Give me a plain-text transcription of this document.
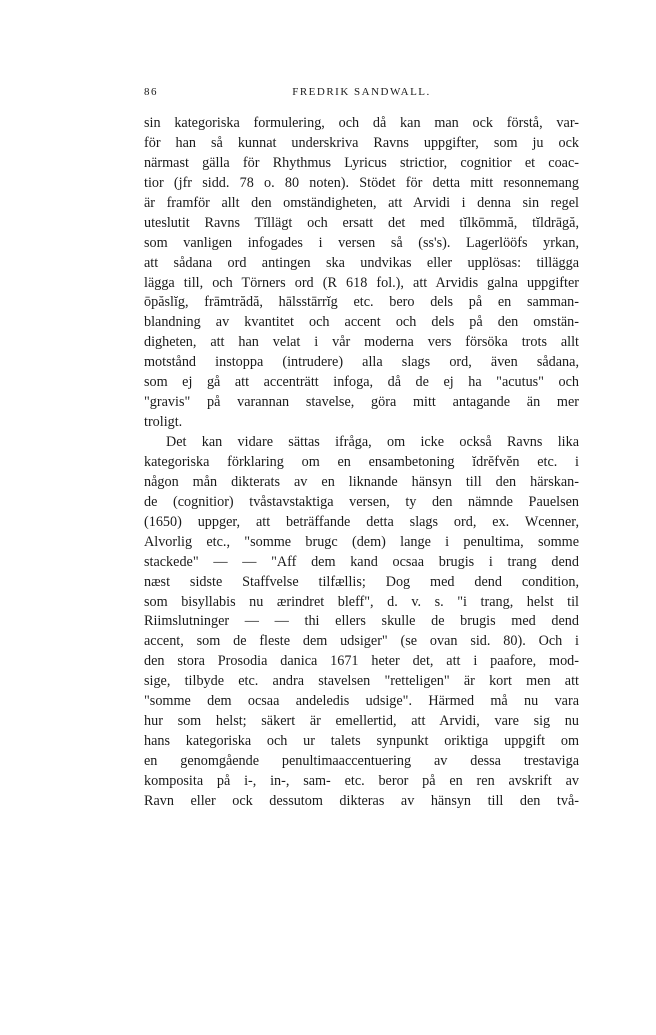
86	FREDRIK SANDWALL.
sin kategoriska formulering, och då kan man ock förstå, var-
för han så kunnat underskriva Ravns uppgifter, som ju ock
närmast gälla för Rhythmus Lyricus strictior, cognitior et coac-
tior (jfr sidd. 78 o. 80 noten). Stödet för detta mitt resonnemang
är framför allt den omständigheten, att Arvidi i denna sin regel
uteslutit Ravns Tĭllägt och ersatt det med tĭlkōmmă, tĭldrāgă,
som vanligen infogades i versen så (ss's). Lagerlööfs yrkan,
att sådana ord antingen ska undvikas eller upplösas: tillägga
lägga till, och Törners ord (R 618 fol.), att Arvidis galna uppgifter
ōpăslĭg, frāmtrădă, hālsstārrĭg etc. bero dels på en samman-
blandning av kvantitet och accent och dels på den omstän-
digheten, att han velat i vår moderna vers försöka trots allt
motstånd instoppa (intrudere) alla slags ord, även sådana,
som ej gå att accenträtt infoga, då de ej ha "acutus" och
"gravis" på varannan stavelse, göra mitt antagande än mer
troligt.
Det kan vidare sättas ifråga, om icke också Ravns lika
kategoriska förklaring om en ensambetoning ĭdrĕfvĕn etc. i
någon mån dikterats av en liknande hänsyn till den härskan-
de (cognitior) tvåstavstaktiga versen, ty den nämnde Pauelsen
(1650) uppger, att beträffande detta slags ord, ex. Wcenner,
Alvorlig etc., "somme brugc (dem) lange i penultima, somme
stackede" — — "Aff dem kand ocsaa brugis i trang dend
næst sidste Staffvelse tilfællis; Dog med dend condition,
som bisyllabis nu ærindret bleff", d. v. s. "i trang, helst til
Riimslutninger — — thi ellers skulle de brugis med dend
accent, som de fleste dem udsiger" (se ovan sid. 80). Och i
den stora Prosodia danica 1671 heter det, att i paafore, mod-
sige, tilbyde etc. andra stavelsen "retteligen" är kort men att
"somme dem ocsaa andeledis udsige". Härmed må nu vara
hur som helst; säkert är emellertid, att Arvidi, vare sig nu
hans kategoriska och ur talets synpunkt oriktiga uppgift om
en genomgående penultimaaccentuering av dessa trestaviga
komposita på i-, in-, sam- etc. beror på en ren avskrift av
Ravn eller ock dessutom dikteras av hänsyn till den två-
